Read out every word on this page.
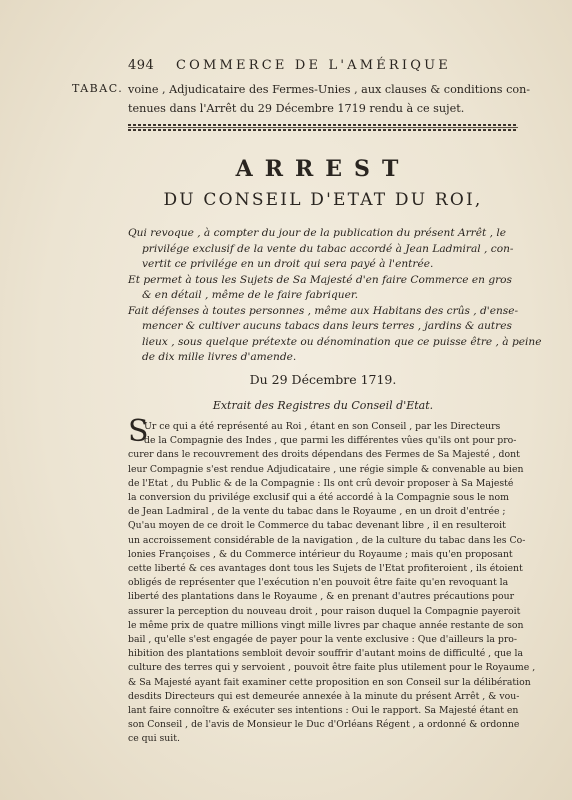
494 COMMERCE DE L'AMÉRIQUE
TABAC. voine , Adjudicataire des Fermes-Unies , aux clauses & conditions con-
tenues dans l'Arrêt du 29 Décembre 1719 rendu à ce sujet.
ARREST
DU CONSEIL D'ETAT DU ROI,
Qui revoque , à compter du jour de la publication du présent Arrêt , le
privilége exclusif de la vente du tabac accordé à Jean Ladmiral , con-
vertit ce privilége en un droit qui sera payé à l'entrée.
Et permet à tous les Sujets de Sa Majesté d'en faire Commerce en gros
& en détail , même de le faire fabriquer.
Fait défenses à toutes personnes , même aux Habitans des crûs , d'ense-
mencer & cultiver aucuns tabacs dans leurs terres , jardins & autres
lieux , sous quelque prétexte ou dénomination que ce puisse être , à peine
de dix mille livres d'amende.
Du 29 Décembre 1719.
Extrait des Registres du Conseil d'Etat.
S
Ur ce qui a été représenté au Roi , étant en son Conseil , par les Directeurs
de la Compagnie des Indes , que parmi les différentes vûes qu'ils ont pour pro-
curer dans le recouvrement des droits dépendans des Fermes de Sa Majesté , dont
leur Compagnie s'est rendue Adjudicataire , une régie simple & convenable au bien
de l'Etat , du Public & de la Compagnie : Ils ont crû devoir proposer à Sa Majesté
la conversion du privilége exclusif qui a été accordé à la Compagnie sous le nom
de Jean Ladmiral , de la vente du tabac dans le Royaume , en un droit d'entrée ;
Qu'au moyen de ce droit le Commerce du tabac devenant libre , il en resulteroit
un accroissement considérable de la navigation , de la culture du tabac dans les Co-
lonies Françoises , & du Commerce intérieur du Royaume ; mais qu'en proposant
cette liberté & ces avantages dont tous les Sujets de l'Etat profiteroient , ils étoient
obligés de représenter que l'exécution n'en pouvoit être faite qu'en revoquant la
liberté des plantations dans le Royaume , & en prenant d'autres précautions pour
assurer la perception du nouveau droit , pour raison duquel la Compagnie payeroit
le même prix de quatre millions vingt mille livres par chaque année restante de son
bail , qu'elle s'est engagée de payer pour la vente exclusive : Que d'ailleurs la pro-
hibition des plantations sembloit devoir souffrir d'autant moins de difficulté , que la
culture des terres qui y servoient , pouvoit être faite plus utilement pour le Royaume ,
& Sa Majesté ayant fait examiner cette proposition en son Conseil sur la délibération
desdits Directeurs qui est demeurée annexée à la minute du présent Arrêt , & vou-
lant faire connoître & exécuter ses intentions : Oui le rapport. Sa Majesté étant en
son Conseil , de l'avis de Monsieur le Duc d'Orléans Régent , a ordonné & ordonne
ce qui suit.
